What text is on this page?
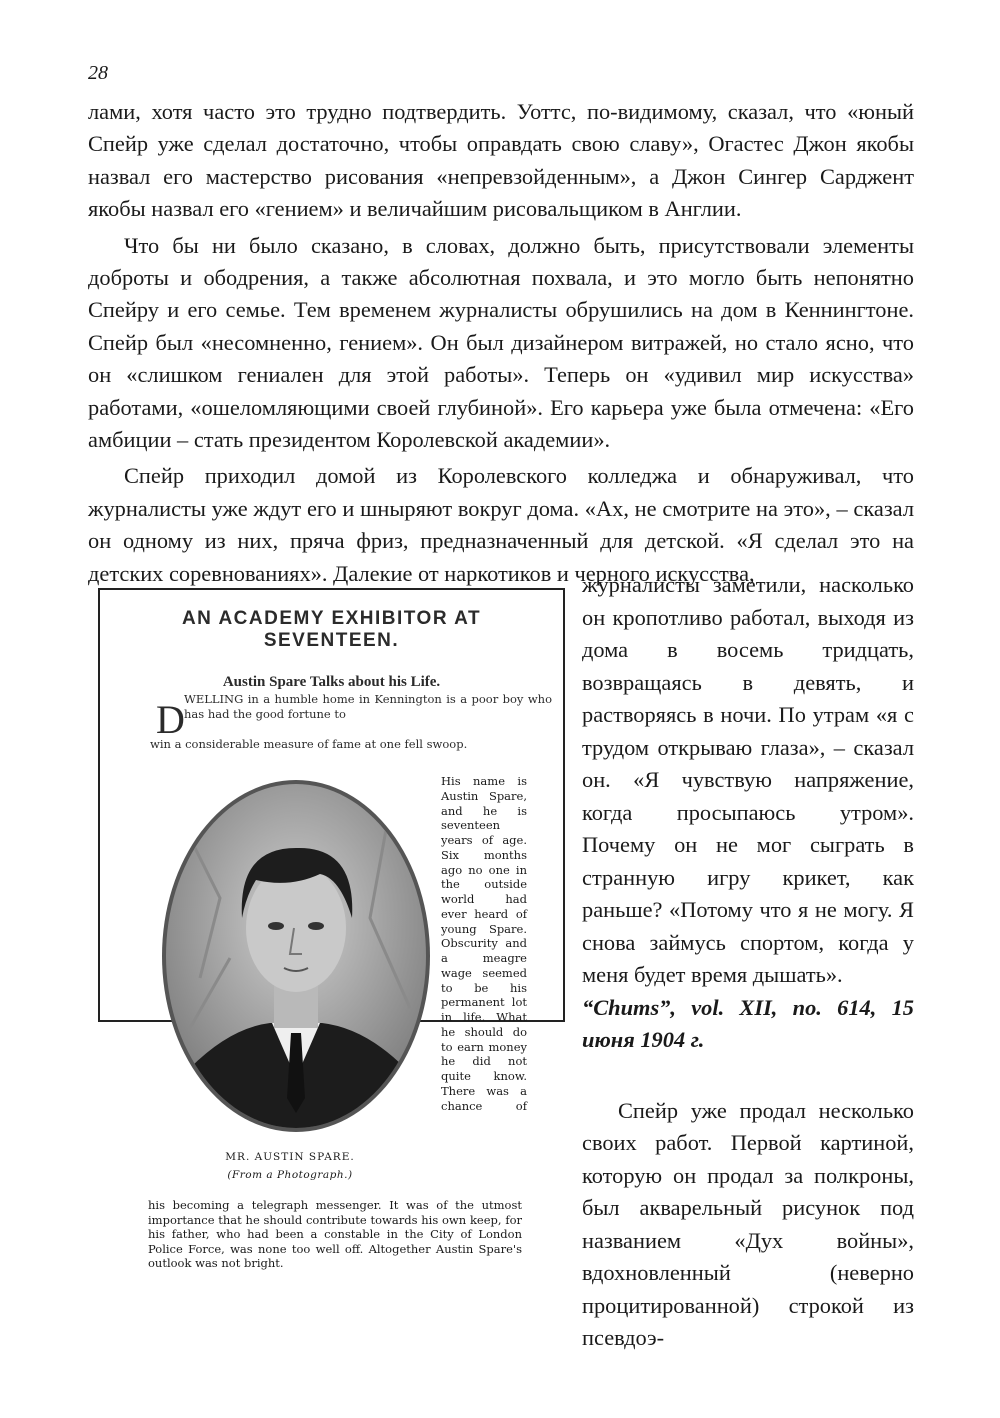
28

лами, хотя часто это трудно подтвердить. Уоттс, по-видимому, сказал, что «юный Спейр уже сделал достаточно, чтобы оправдать свою славу», Огастес Джон якобы назвал его мастерство рисования «непревзойденным», а Джон Сингер Сарджент якобы назвал его «гением» и величайшим рисовальщиком в Англии.

Что бы ни было сказано, в словах, должно быть, присутствовали элементы доброты и ободрения, а также абсолютная похвала, и это могло быть непонятно Спейру и его семье. Тем временем журналисты обрушились на дом в Кеннингтоне. Спейр был «несомненно, гением». Он был дизайнером витражей, но стало ясно, что он «слишком гениален для этой работы». Теперь он «удивил мир искусства» работами, «ошеломляющими своей глубиной». Его карьера уже была отмечена: «Его амбиции – стать президентом Королевской академии».

Спейр приходил домой из Королевского колледжа и обнаруживал, что журналисты уже ждут его и шныряют вокруг дома. «Ах, не смотрите на это», – сказал он одному из них, пряча фриз, предназначенный для детской. «Я сделал это на детских соревнованиях». Далекие от наркотиков и черного искусства,

AN ACADEMY EXHIBITOR AT
SEVENTEEN.
Austin Spare Talks about his Life.
D WELLING in a humble home in Kennington is a poor boy who has had the good fortune to

win a considerable measure of fame at one fell swoop.

His name is Austin Spare, and he is seventeen years of age. Six months ago no one in the outside world had ever heard of young Spare. Obscurity and a meagre wage seemed to be his permanent lot in life. What he should do to earn money he did not quite know. There was a chance of

MR. AUSTIN SPARE.
(From a Photograph.)

his becoming a telegraph messenger. It was of the utmost importance that he should contribute towards his own keep, for his father, who had been a constable in the City of London Police Force, was none too well off. Altogether Austin Spare's outlook was not bright.

журналисты заметили, насколько он кропотливо работал, выходя из дома в восемь тридцать, возвращаясь в девять, и растворяясь в ночи. По утрам «я с трудом открываю глаза», – сказал он. «Я чувствую напряжение, когда просыпаюсь утром». Почему он не мог сыграть в странную игру крикет, как раньше? «Потому что я не могу. Я снова займусь спортом, когда у меня будет время дышать».

“Chums”, vol. XII, no. 614, 15 июня 1904 г.

Спейр уже продал несколько своих работ. Первой картиной, которую он продал за полкроны, был акварельный рисунок под названием «Дух войны», вдохновленный (неверно процитированной) строкой из псевдоэ-
